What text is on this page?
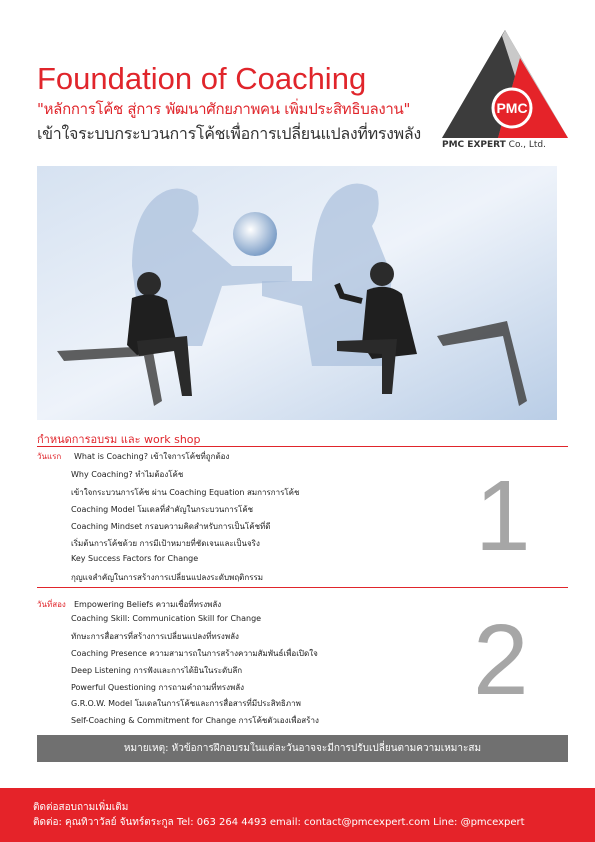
Foundation of Coaching
"หลักการโค้ช สู่การ พัฒนาศักยภาพคน เพิ่มประสิทธิบลงาน"
เข้าใจระบบกระบวนการโค้ชเพื่อการเปลี่ยนแปลงที่ทรงพลัง
PMC
PMC EXPERT Co., Ltd.
กำหนดการอบรม และ work shop
วันแรก What is Coaching? เข้าใจการโค้ชที่ถูกต้อง
Why Coaching? ทำไมต้องโค้ช
เข้าใจกระบวนการโค้ช ผ่าน Coaching Equation สมการการโค้ช
Coaching Model โมเดลที่สำคัญในกระบวนการโค้ช
Coaching Mindset กรอบความคิดสำหรับการเป็นโค้ชที่ดี
เริ่มต้นการโค้ชด้วย การมีเป้าหมายที่ชัดเจนและเป็นจริง
Key Success Factors for Change
กุญแจสำคัญในการสร้างการเปลี่ยนแปลงระดับพฤติกรรม
1
วันที่สอง Empowering Beliefs ความเชื่อที่ทรงพลัง
Coaching Skill: Communication Skill for Change
ทักษะการสื่อสารที่สร้างการเปลี่ยนแปลงที่ทรงพลัง
Coaching Presence ความสามารถในการสร้างความสัมพันธ์เพื่อเปิดใจ
Deep Listening การฟังและการได้ยินในระดับลึก
Powerful Questioning การถามคำถามที่ทรงพลัง
G.R.O.W. Model โมเดลในการโค้ชและการสื่อสารที่มีประสิทธิภาพ
Self-Coaching & Commitment for Change การโค้ชตัวเองเพื่อสร้าง
2
หมายเหตุ: หัวข้อการฝึกอบรมในแต่ละวันอาจจะมีการปรับเปลี่ยนตามความเหมาะสม
ติดต่อสอบถามเพิ่มเติม
ติดต่อ: คุณทิวาวัลย์ จันทร์ตระกูล Tel: 063 264 4493 email: contact@pmcexpert.com Line: @pmcexpert
